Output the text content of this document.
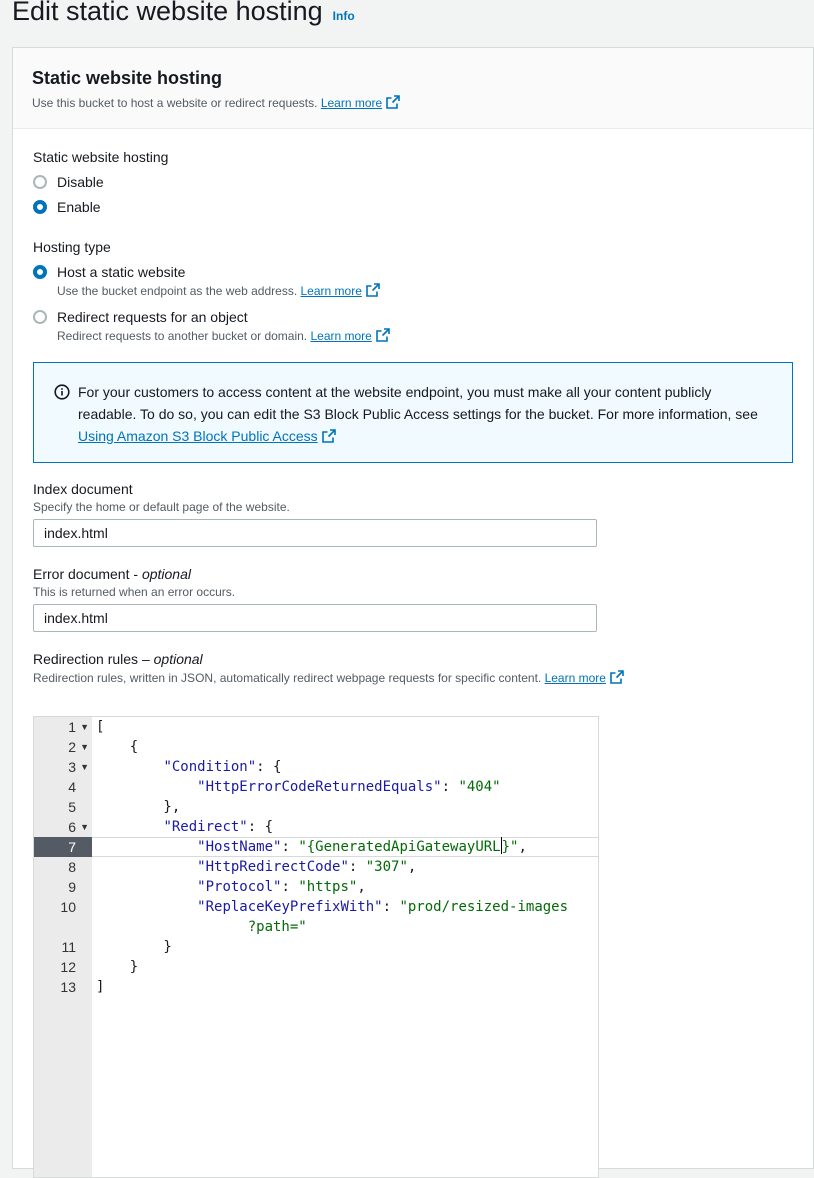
Edit static website hosting Info
Static website hosting
Use this bucket to host a website or redirect requests. Learn more
Static website hosting
Disable
Enable
Hosting type
Host a static website
Use the bucket endpoint as the web address. Learn more
Redirect requests for an object
Redirect requests to another bucket or domain. Learn more
For your customers to access content at the website endpoint, you must make all your content publicly readable. To do so, you can edit the S3 Block Public Access settings for the bucket. For more information, see
Using Amazon S3 Block Public Access
Index document
Specify the home or default page of the website.
index.html
Error document - optional
This is returned when an error occurs.
index.html
Redirection rules – optional
Redirection rules, written in JSON, automatically redirect webpage requests for specific content. Learn more
1 ▼
2 ▼
3 ▼
4
5
6 ▼
7
8
9
10
11
12
13
[
{
"Condition": {
"HttpErrorCodeReturnedEquals": "404"
},
"Redirect": {
"HostName": "{GeneratedApiGatewayURL}",
"HttpRedirectCode": "307",
"Protocol": "https",
"ReplaceKeyPrefixWith": "prod/resized-images
?path="
}
}
]
